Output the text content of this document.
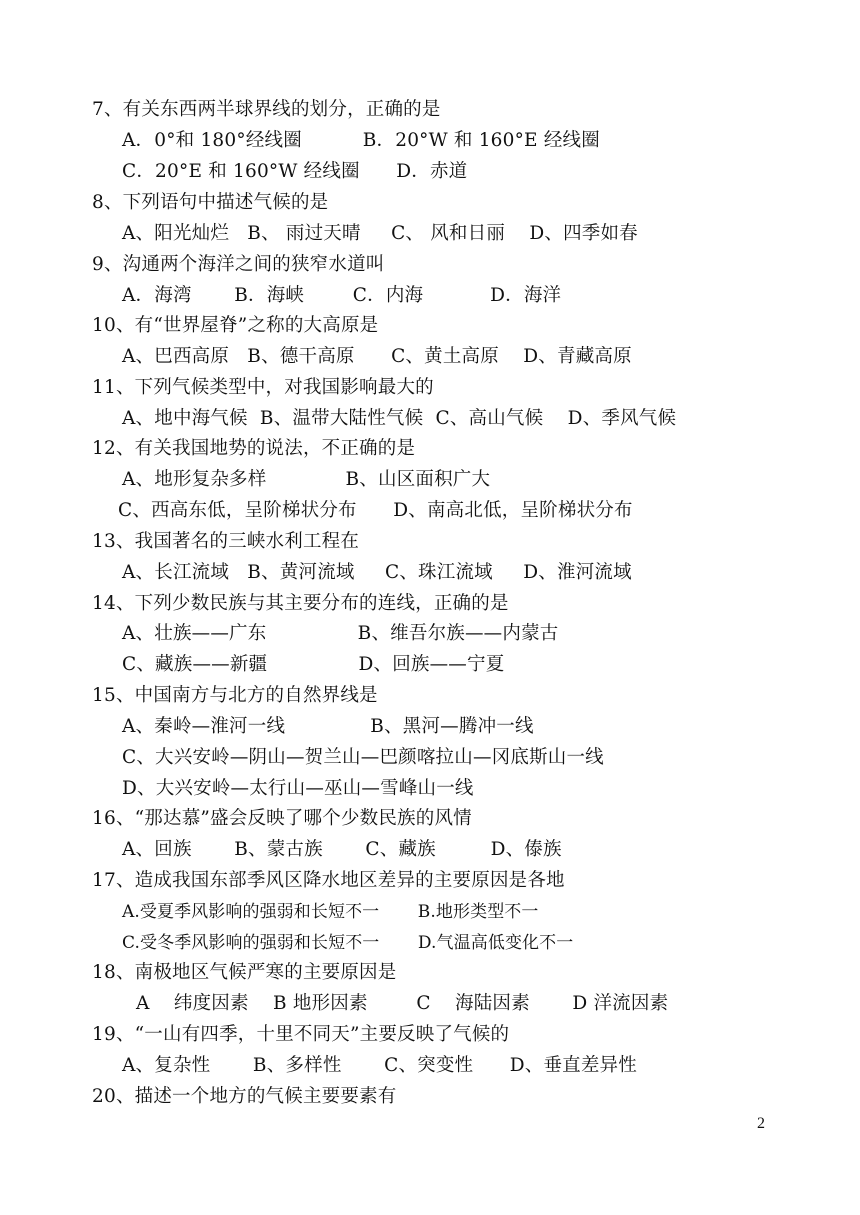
7、有关东西两半球界线的划分，正确的是
A．0°和 180°经线圈          B．20°W 和 160°E 经线圈
C．20°E 和 160°W 经线圈      D．赤道
8、下列语句中描述气候的是
A、阳光灿烂   B、 雨过天晴     C、 风和日丽    D、四季如春
9、沟通两个海洋之间的狭窄水道叫
A．海湾       B．海峡        C．内海           D．海洋
10、有“世界屋脊”之称的大高原是
A、巴西高原   B、德干高原      C、黄土高原    D、青藏高原
11、下列气候类型中，对我国影响最大的
A、地中海气候  B、温带大陆性气候  C、高山气候    D、季风气候
12、有关我国地势的说法，不正确的是
A、地形复杂多样             B、山区面积广大
C、西高东低，呈阶梯状分布      D、南高北低，呈阶梯状分布
13、我国著名的三峡水利工程在
A、长江流域   B、黄河流域     C、珠江流域     D、淮河流域
14、下列少数民族与其主要分布的连线，正确的是
A、壮族——广东               B、维吾尔族——内蒙古
C、藏族——新疆               D、回族——宁夏
15、中国南方与北方的自然界线是
A、秦岭—淮河一线              B、黑河—腾冲一线
C、大兴安岭—阴山—贺兰山—巴颜喀拉山—冈底斯山一线
D、大兴安岭—太行山—巫山—雪峰山一线
16、“那达慕”盛会反映了哪个少数民族的风情
A、回族       B、蒙古族       C、藏族         D、傣族
17、造成我国东部季风区降水地区差异的主要原因是各地
A.受夏季风影响的强弱和长短不一       B.地形类型不一
C.受冬季风影响的强弱和长短不一       D.气温高低变化不一
18、南极地区气候严寒的主要原因是
A    纬度因素    B 地形因素        C    海陆因素       D 洋流因素
19、“一山有四季，十里不同天”主要反映了气候的
A、复杂性       B、多样性       C、突变性      D、垂直差异性
20、描述一个地方的气候主要要素有
2
